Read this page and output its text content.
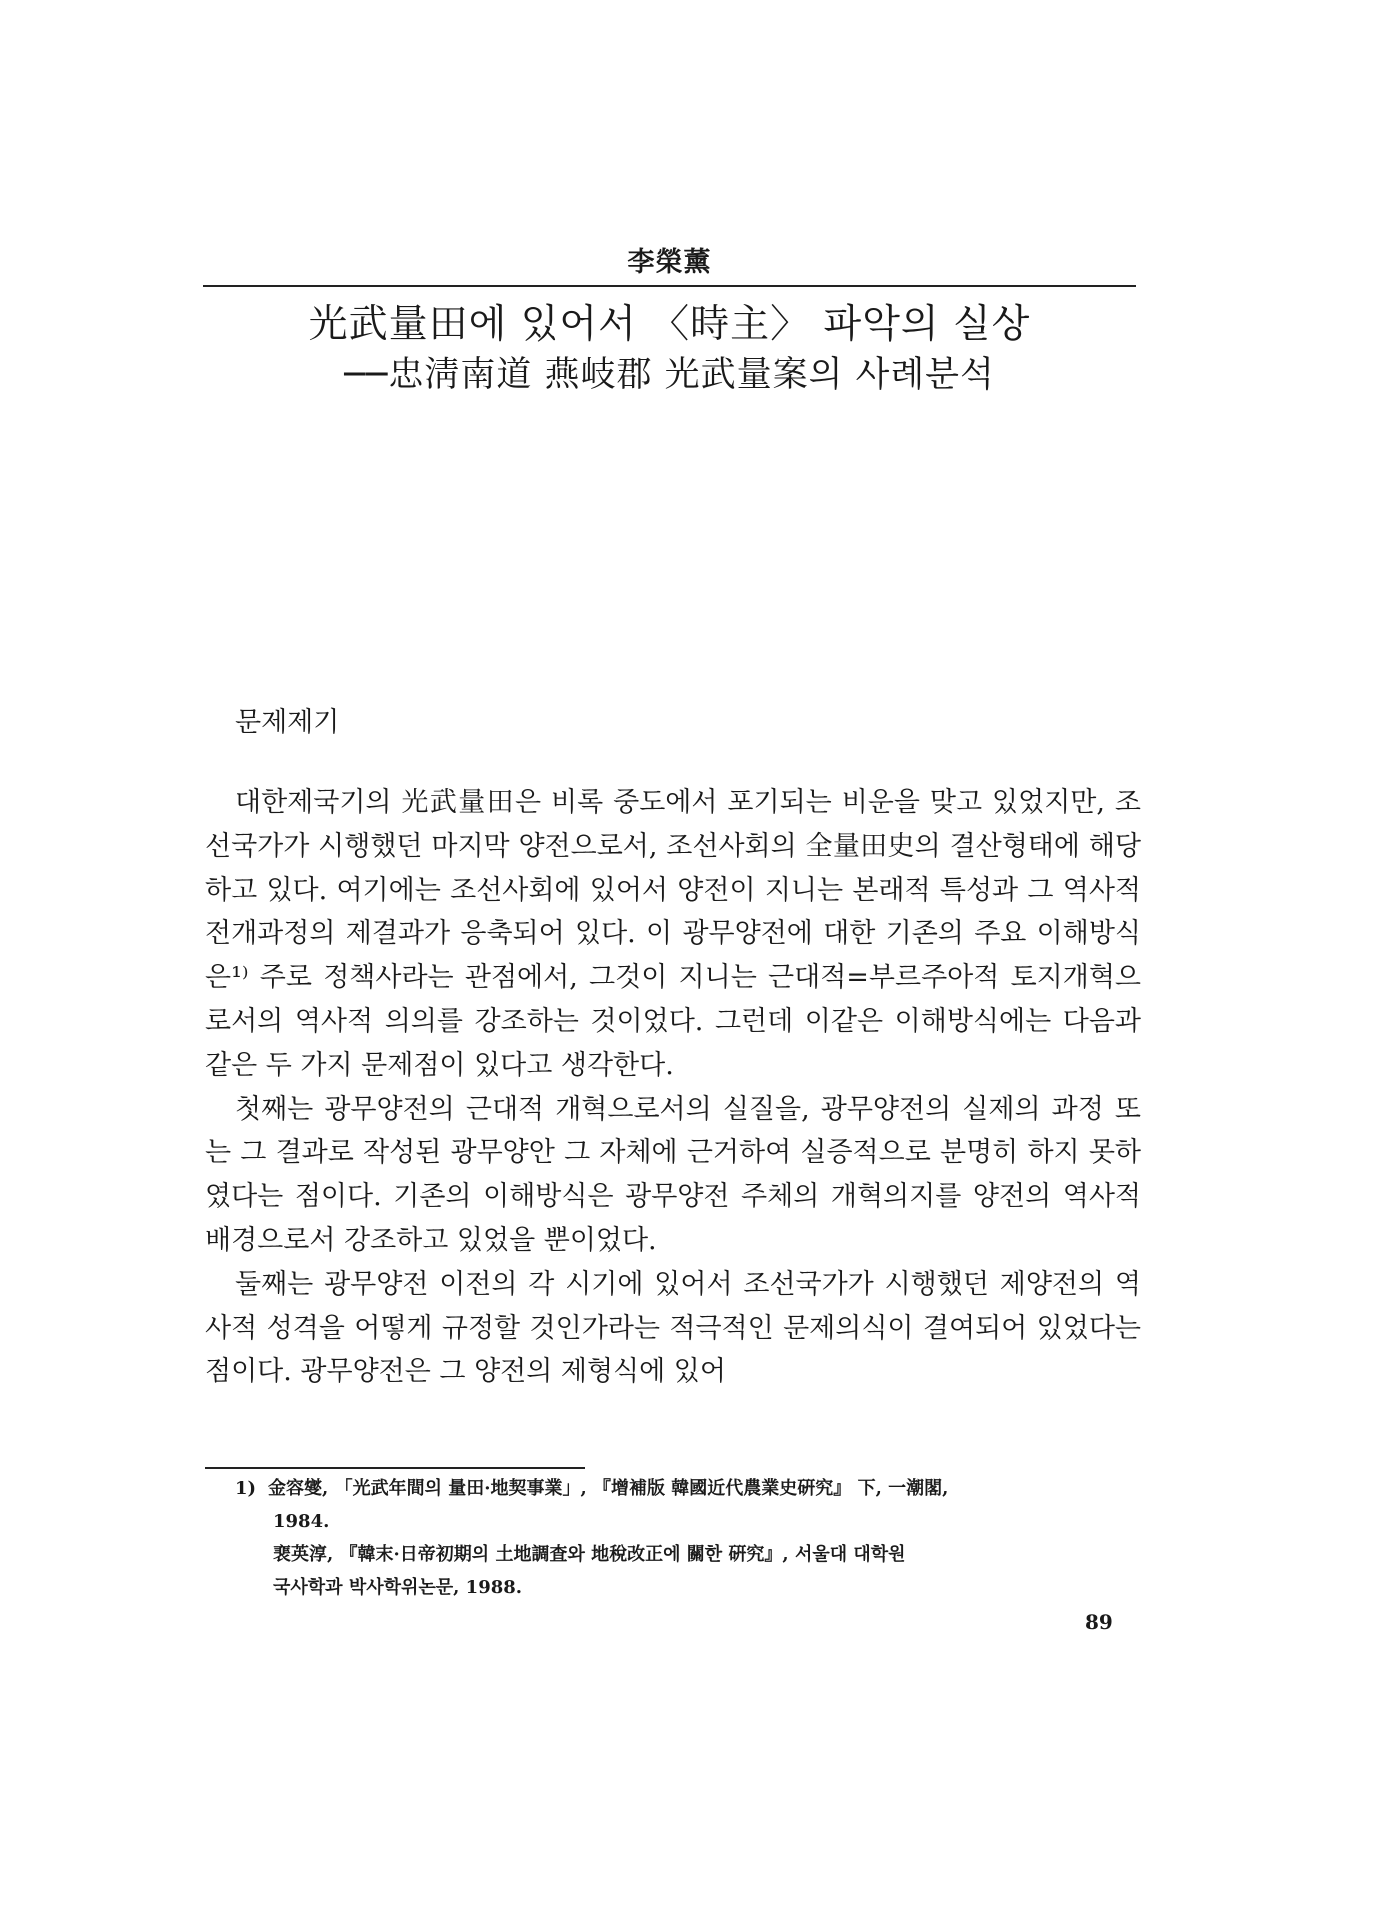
李榮薰
光武量田에 있어서 〈時主〉 파악의 실상
──忠淸南道 燕岐郡 光武量案의 사례분석
문제제기

대한제국기의 光武量田은 비록 중도에서 포기되는 비운을 맞고 있었지만, 조선국가가 시행했던 마지막 양전으로서, 조선사회의 全量田史의 결산형태에 해당하고 있다. 여기에는 조선사회에 있어서 양전이 지니는 본래적 특성과 그 역사적 전개과정의 제결과가 응축되어 있다. 이 광무양전에 대한 기존의 주요 이해방식은¹⁾ 주로 정책사라는 관점에서, 그것이 지니는 근대적=부르주아적 토지개혁으로서의 역사적 의의를 강조하는 것이었다. 그런데 이같은 이해방식에는 다음과 같은 두 가지 문제점이 있다고 생각한다.

첫째는 광무양전의 근대적 개혁으로서의 실질을, 광무양전의 실제의 과정 또는 그 결과로 작성된 광무양안 그 자체에 근거하여 실증적으로 분명히 하지 못하였다는 점이다. 기존의 이해방식은 광무양전 주체의 개혁의지를 양전의 역사적 배경으로서 강조하고 있었을 뿐이었다.

둘째는 광무양전 이전의 각 시기에 있어서 조선국가가 시행했던 제양전의 역사적 성격을 어떻게 규정할 것인가라는 적극적인 문제의식이 결여되어 있었다는 점이다. 광무양전은 그 양전의 제형식에 있어

1) 金容燮, 「光武年間의 量田·地契事業」, 『增補版 韓國近代農業史硏究』 下, 一潮閣,
1984.
裵英淳, 『韓末·日帝初期의 土地調査와 地稅改正에 關한 硏究』, 서울대 대학원
국사학과 박사학위논문, 1988.
89
